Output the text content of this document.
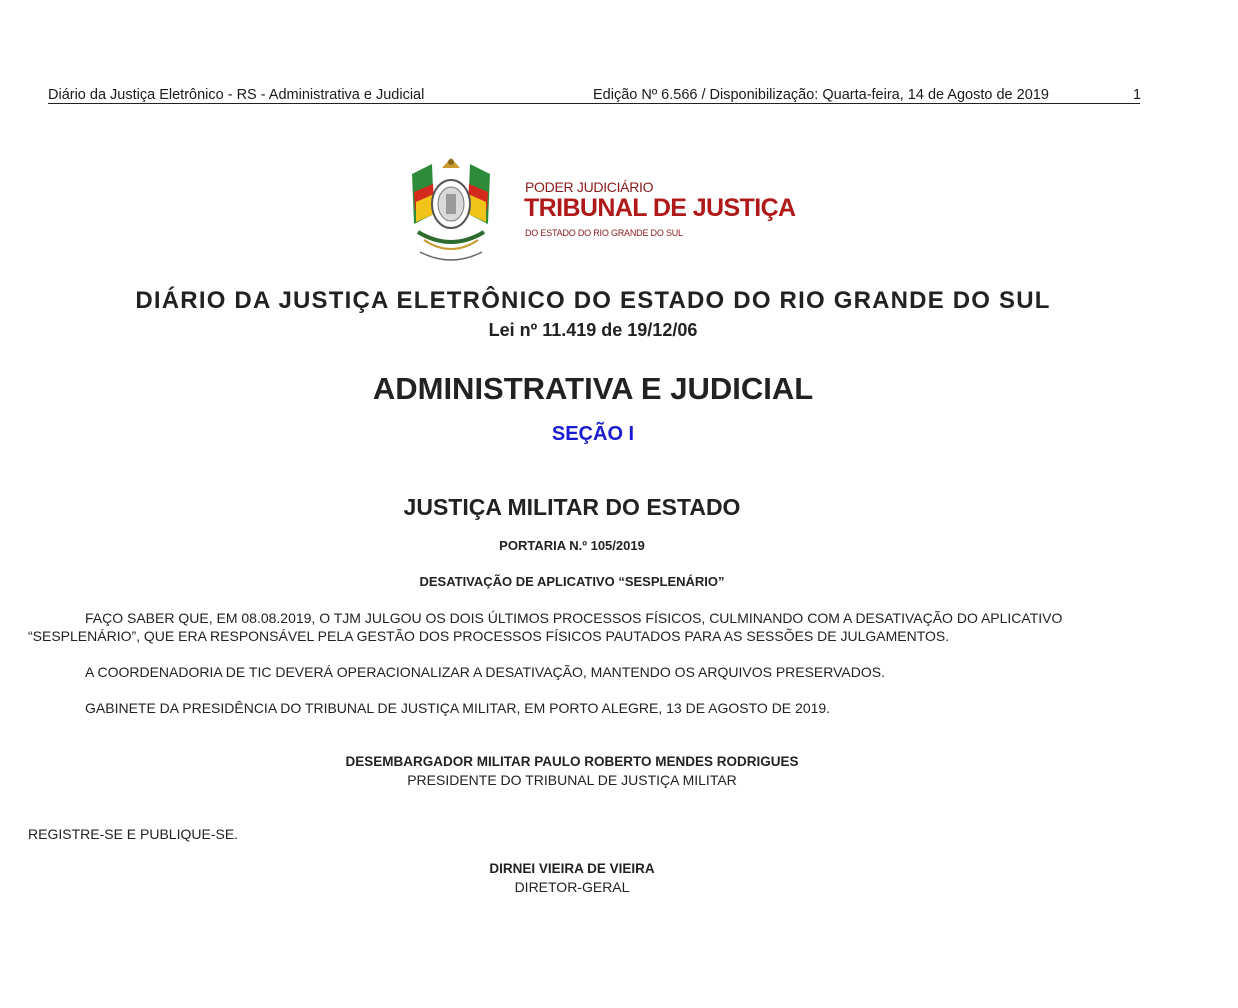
Diário da Justiça Eletrônico - RS - Administrativa e Judicial	Edição Nº 6.566 / Disponibilização: Quarta-feira, 14 de Agosto de 2019	1
PODER JUDICIÁRIO
TRIBUNAL DE JUSTIÇA
DO ESTADO DO RIO GRANDE DO SUL
DIÁRIO DA JUSTIÇA ELETRÔNICO DO ESTADO DO RIO GRANDE DO SUL
Lei nº 11.419 de 19/12/06
ADMINISTRATIVA E JUDICIAL
SEÇÃO I
JUSTIÇA MILITAR DO ESTADO
PORTARIA N.º 105/2019
DESATIVAÇÃO DE APLICATIVO “SESPLENÁRIO”
FAÇO SABER QUE, EM 08.08.2019, O TJM JULGOU OS DOIS ÚLTIMOS PROCESSOS FÍSICOS, CULMINANDO COM A DESATIVAÇÃO DO APLICATIVO
“SESPLENÁRIO”, QUE ERA RESPONSÁVEL PELA GESTÃO DOS PROCESSOS FÍSICOS PAUTADOS PARA AS SESSÕES DE JULGAMENTOS.
A COORDENADORIA DE TIC DEVERÁ OPERACIONALIZAR A DESATIVAÇÃO, MANTENDO OS ARQUIVOS PRESERVADOS.
GABINETE DA PRESIDÊNCIA DO TRIBUNAL DE JUSTIÇA MILITAR, EM PORTO ALEGRE, 13 DE AGOSTO DE 2019.
DESEMBARGADOR MILITAR PAULO ROBERTO MENDES RODRIGUES
PRESIDENTE DO TRIBUNAL DE JUSTIÇA MILITAR
REGISTRE-SE E PUBLIQUE-SE.
DIRNEI VIEIRA DE VIEIRA
DIRETOR-GERAL
